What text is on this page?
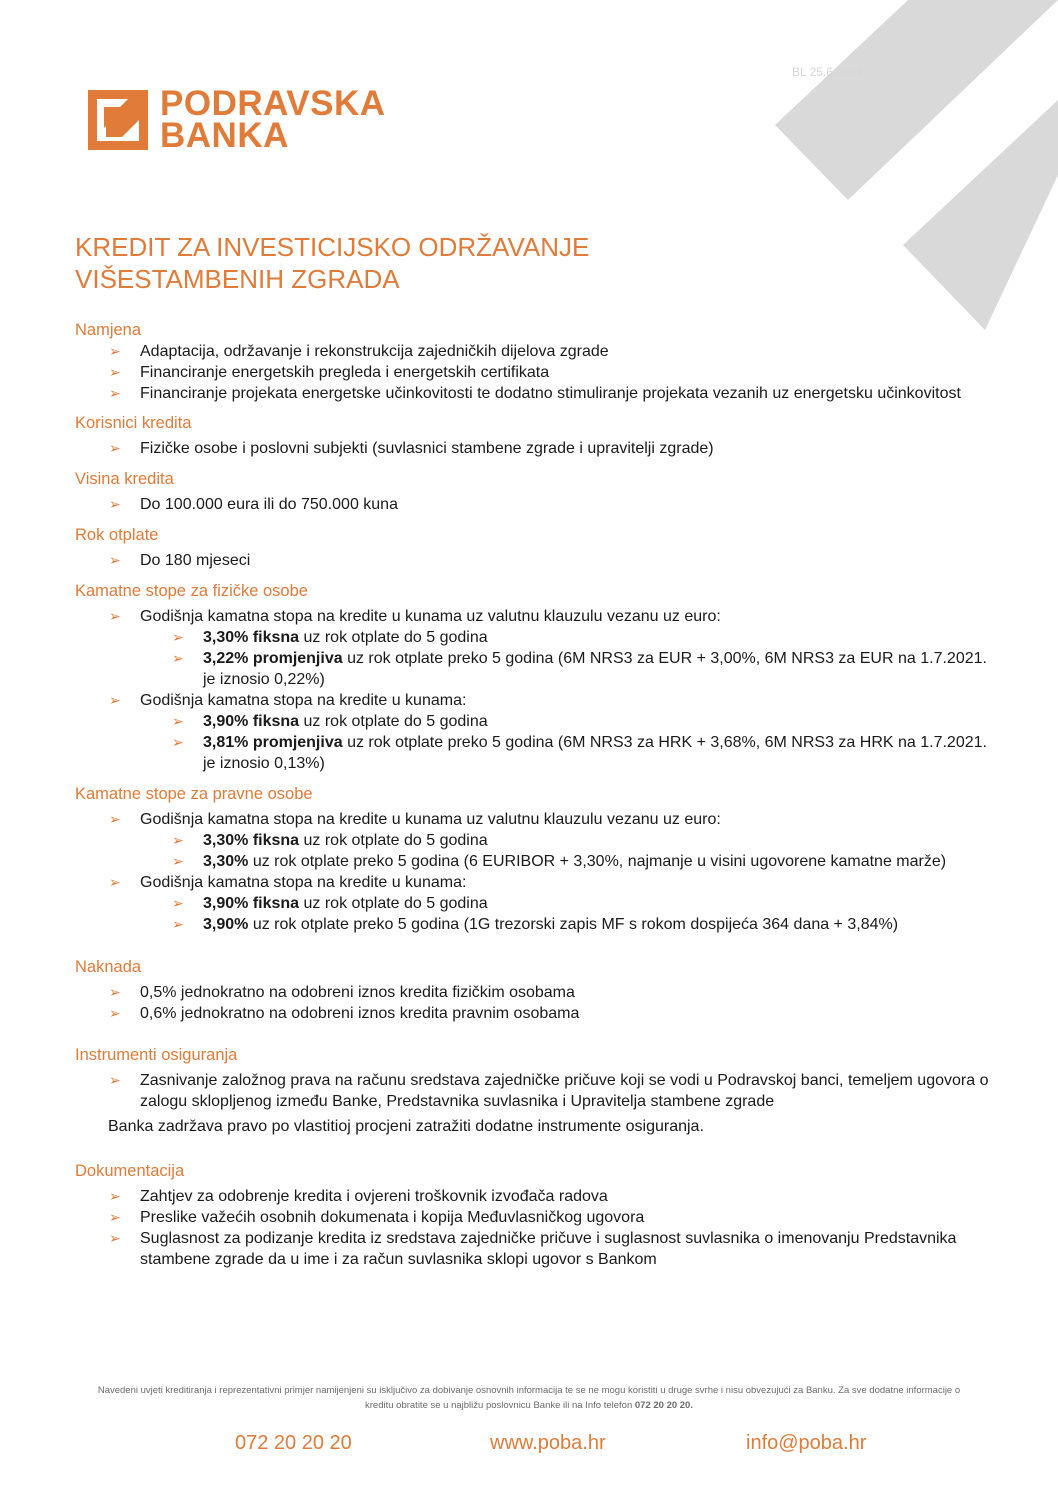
PODRAVSKA
BANKA
BL 25.6.2021.
KREDIT ZA INVESTICIJSKO ODRŽAVANJE
VIŠESTAMBENIH ZGRADA
Namjena
➢ Adaptacija, održavanje i rekonstrukcija zajedničkih dijelova zgrade
➢ Financiranje energetskih pregleda i energetskih certifikata
➢ Financiranje projekata energetske učinkovitosti te dodatno stimuliranje projekata vezanih uz energetsku učinkovitost
Korisnici kredita
➢ Fizičke osobe i poslovni subjekti (suvlasnici stambene zgrade i upravitelji zgrade)
Visina kredita
➢ Do 100.000 eura ili do 750.000 kuna
Rok otplate
➢ Do 180 mjeseci
Kamatne stope za fizičke osobe
➢ Godišnja kamatna stopa na kredite u kunama uz valutnu klauzulu vezanu uz euro:
➢ 3,30% fiksna uz rok otplate do 5 godina
➢ 3,22% promjenjiva uz rok otplate preko 5 godina (6M NRS3 za EUR + 3,00%, 6M NRS3 za EUR na 1.7.2021. je iznosio 0,22%)
➢ Godišnja kamatna stopa na kredite u kunama:
➢ 3,90% fiksna uz rok otplate do 5 godina
➢ 3,81% promjenjiva uz rok otplate preko 5 godina (6M NRS3 za HRK + 3,68%, 6M NRS3 za HRK na 1.7.2021. je iznosio 0,13%)
Kamatne stope za pravne osobe
➢ Godišnja kamatna stopa na kredite u kunama uz valutnu klauzulu vezanu uz euro:
➢ 3,30% fiksna uz rok otplate do 5 godina
➢ 3,30% uz rok otplate preko 5 godina (6 EURIBOR + 3,30%, najmanje u visini ugovorene kamatne marže)
➢ Godišnja kamatna stopa na kredite u kunama:
➢ 3,90% fiksna uz rok otplate do 5 godina
➢ 3,90% uz rok otplate preko 5 godina (1G trezorski zapis MF s rokom dospijeća 364 dana + 3,84%)
Naknada
➢ 0,5% jednokratno na odobreni iznos kredita fizičkim osobama
➢ 0,6% jednokratno na odobreni iznos kredita pravnim osobama
Instrumenti osiguranja
➢ Zasnivanje založnog prava na računu sredstava zajedničke pričuve koji se vodi u Podravskoj banci, temeljem ugovora o zalogu sklopljenog između Banke, Predstavnika suvlasnika i Upravitelja stambene zgrade
Banka zadržava pravo po vlastitioj procjeni zatražiti dodatne instrumente osiguranja.
Dokumentacija
➢ Zahtjev za odobrenje kredita i ovjereni troškovnik izvođača radova
➢ Preslike važećih osobnih dokumenata i kopija Međuvlasničkog ugovora
➢ Suglasnost za podizanje kredita iz sredstava zajedničke pričuve i suglasnost suvlasnika o imenovanju Predstavnika stambene zgrade da u ime i za račun suvlasnika sklopi ugovor s Bankom
Navedeni uvjeti kreditiranja i reprezentativni primjer namijenjeni su isključivo za dobivanje osnovnih informacija te se ne mogu koristiti u druge svrhe i nisu obvezujući za Banku. Za sve dodatne informacije o
kreditu obratite se u najbližu poslovnicu Banke ili na Info telefon 072 20 20 20.
072 20 20 20	www.poba.hr	info@poba.hr
